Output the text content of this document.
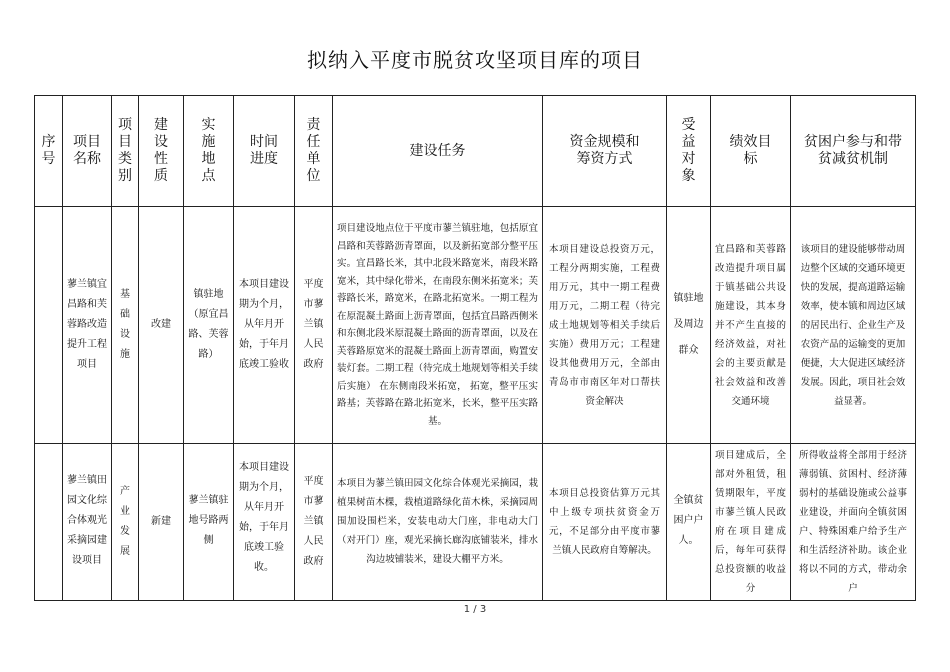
拟纳入平度市脱贫攻坚项目库的项目
序号	项目名称	项目类别	建设性质	实施地点	时间进度	责任单位	建设任务	资金规模和筹资方式	受益对象	绩效目标	贫困户参与和带贫减贫机制
	蓼兰镇宜昌路和芙蓉路改造提升工程项目	基础设施	改建	镇驻地（原宜昌路、芙蓉路）	本项目建设期为个月，从年月开始，于年月底竣工验收	平度市蓼兰镇人民政府	项目建设地点位于平度市蓼兰镇驻地，包括原宜昌路和芙蓉路沥青罩面，以及新拓宽部分整平压实。宜昌路长米，其中北段米路宽米，南段米路宽米，其中绿化带米，在南段东侧米拓宽米；芙蓉路长米，路宽米，在路北拓宽米。一期工程为在原混凝土路面上沥青罩面，包括宜昌路西侧米和东侧北段米原混凝土路面的沥青罩面，以及在芙蓉路原宽米的混凝土路面上沥青罩面，购置安装灯套。二期工程（待完成土地规划等相关手续后实施） 在东侧南段米拓宽， 拓宽，整平压实路基；芙蓉路在路北拓宽米，长米，整平压实路基。	本项目建设总投资万元，工程分两期实施，工程费用万元，其中一期工程费用万元，二期工程（待完成土地规划等相关手续后实施）费用万元；工程建设其他费用万元，全部由青岛市市南区年对口帮扶资金解决	镇驻地及周边群众	宜昌路和芙蓉路改造提升项目属于镇基础公共设施建设，其本身并不产生直接的经济效益，对社会的主要贡献是社会效益和改善交通环境	该项目的建设能够带动周边整个区域的交通环境更快的发展，提高道路运输效率，使本镇和周边区域的居民出行、企业生产及农资产品的运输变的更加便捷，大大促进区域经济发展。因此，项目社会效益显著。
	蓼兰镇田园文化综合体观光采摘园建设项目	产业发展	新建	蓼兰镇驻地号路两侧	本项目建设期为个月，从年月开始，于年月底竣工验收。	平度市蓼兰镇人民政府	本项目为蓼兰镇田园文化综合体观光采摘园，栽植果树苗木棵，栽植道路绿化苗木株，采摘园周围加设围栏米，安装电动大门座，非电动大门（对开门）座，观光采摘长廊沟底铺装米，排水沟边坡铺装米，建设大棚平方米。	本项目总投资估算万元其中上级专项扶贫资金万元，不足部分由平度市蓼兰镇人民政府自筹解决。	全镇贫困户户人。	项目建成后，全部对外租赁，租赁期限年，平度市蓼兰镇人民政府在项目建成后，每年可获得总投资额的收益分	所得收益将全部用于经济薄弱镇、贫困村、经济薄弱村的基础设施或公益事业建设，并面向全镇贫困户、特殊困难户给予生产和生活经济补助。该企业将以不同的方式，带动余户
1 / 3
